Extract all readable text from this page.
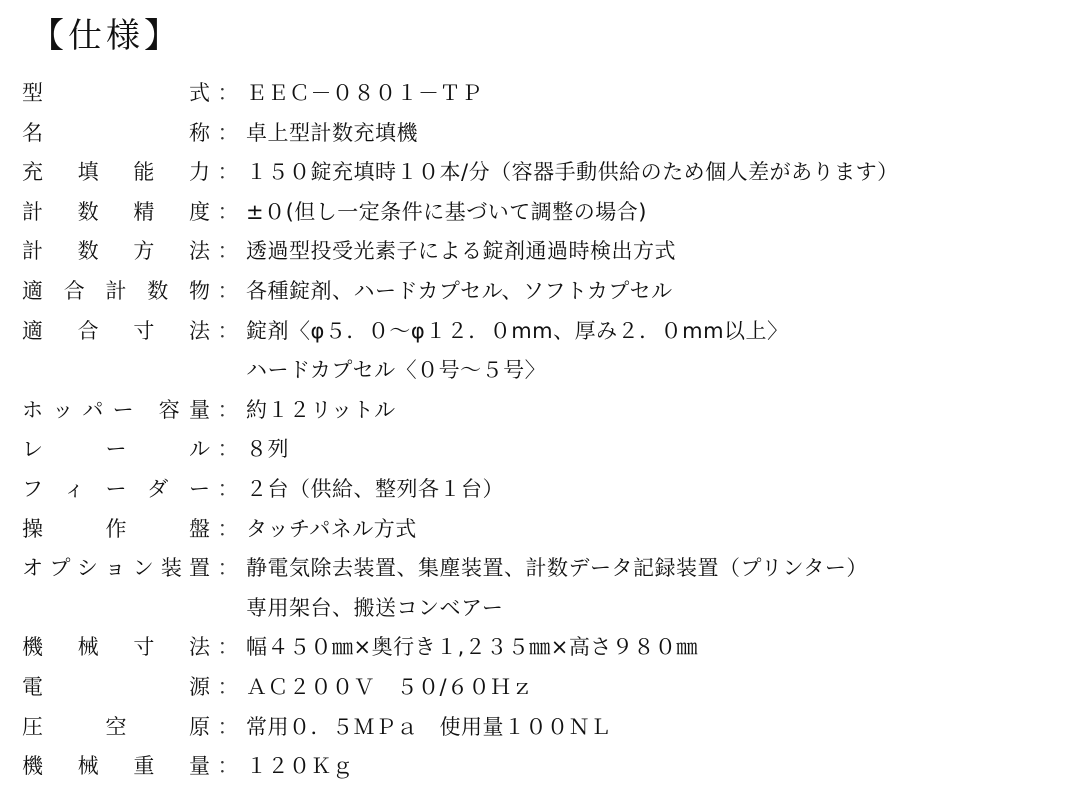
【仕様】
型 式 ： ＥＥＣ－０８０１－ＴＰ
名 称 ： 卓上型計数充填機
充 填 能 力 ： １５０錠充填時１０本/分（容器手動供給のため個人差があります）
計 数 精 度 ： ±０(但し一定条件に基づいて調整の場合)
計 数 方 法 ： 透過型投受光素子による錠剤通過時検出方式
適 合 計 数 物 ： 各種錠剤、ハードカプセル、ソフトカプセル
適 合 寸 法 ： 錠剤〈φ５．０～φ１２．０mm、厚み２．０mm以上〉
ハードカプセル〈０号～５号〉
ホッパー 容量 ： 約１２リットル
レ ー ル ： ８列
フ ィ ー ダ ー ： ２台（供給、整列各１台）
操 作 盤 ： タッチパネル方式
オプション装置 ： 静電気除去装置、集塵装置、計数データ記録装置（プリンター）
専用架台、搬送コンベアー
機 械 寸 法 ： 幅４５０㎜×奥行き１,２３５㎜×高さ９８０㎜
電 源 ： ＡＣ２００Ｖ　５０/６０Ｈｚ
圧 空 原 ： 常用０．５ＭＰａ　使用量１００ＮＬ
機 械 重 量 ： １２０Ｋｇ
